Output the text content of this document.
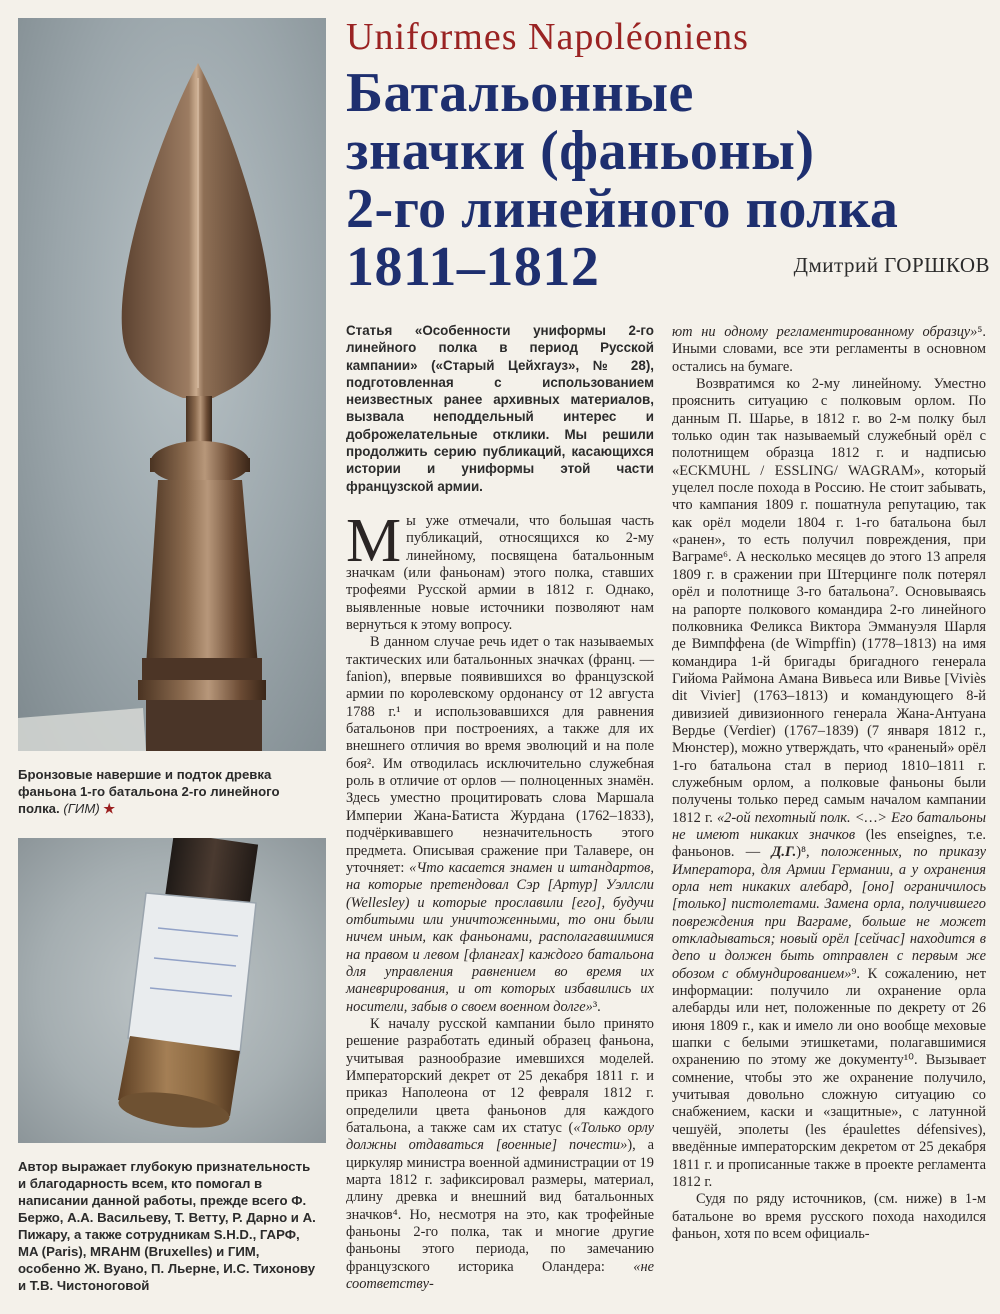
Бронзовые навершие и подток древка фаньона 1-го батальона 2-го линейного полка. (ГИМ) ★
Автор выражает глубокую признательность и благодарность всем, кто помогал в написании данной работы, прежде всего Ф. Бержо, А.А. Васильеву, Т. Ветту, Р. Дарно и А. Пижару, а также сотрудникам S.H.D., ГАРФ, MA (Paris), MRAHM (Bruxelles) и ГИМ, особенно Ж. Вуано, П. Льерне, И.С. Тихонову и Т.В. Чистоноговой
Uniformes Napoléoniens
Батальонные
значки (фаньоны)
2-го линейного полка
1811–1812	Дмитрий ГОРШКОВ

Статья «Особенности униформы 2-го линейного полка в период Русской кампании» («Старый Цейхгауз», № 28), подготовленная с использованием неизвестных ранее архивных материалов, вызвала неподдельный интерес и доброжелательные отклики. Мы решили продолжить серию публикаций, касающихся истории и униформы этой части французской армии.

Мы уже отмечали, что большая часть публикаций, относящихся ко 2-му линейному, посвящена батальонным значкам (или фаньонам) этого полка, ставших трофеями Русской армии в 1812 г. Однако, выявленные новые источники позволяют нам вернуться к этому вопросу.

В данном случае речь идет о так называемых тактических или батальонных значках (франц. — fanion), впервые появившихся во французской армии по королевскому ордонансу от 12 августа 1788 г.¹ и использовавшихся для равнения батальонов при построениях, а также для их внешнего отличия во время эволюций и на поле боя². Им отводилась исключительно служебная роль в отличие от орлов — полноценных знамён. Здесь уместно процитировать слова Маршала Империи Жана-Батиста Журдана (1762–1833), подчёркивавшего незначительность этого предмета. Описывая сражение при Талавере, он уточняет: «Что касается знамен и штандартов, на которые претендовал Сэр [Артур] Уэллсли (Wellesley) и которые прославили [его], будучи отбитыми или уничтоженными, то они были ничем иным, как фаньонами, располагавшимися на правом и левом [флангах] каждого батальона для управления равнением во время их маневрирования, и от которых избавились их носители, забыв о своем военном долге»³.

К началу русской кампании было принято решение разработать единый образец фаньона, учитывая разнообразие имевшихся моделей. Императорский декрет от 25 декабря 1811 г. и приказ Наполеона от 12 февраля 1812 г. определили цвета фаньонов для каждого батальона, а также сам их статус («Только орлу должны отдаваться [военные] почести»), а циркуляр министра военной администрации от 19 марта 1812 г. зафиксировал размеры, материал, длину древка и внешний вид батальонных значков⁴. Но, несмотря на это, как трофейные фаньоны 2-го полка, так и многие другие фаньоны этого периода, по замечанию французского историка Оландера: «не соответству-

ют ни одному регламентированному образцу»⁵. Иными словами, все эти регламенты в основном остались на бумаге.

Возвратимся ко 2-му линейному. Уместно прояснить ситуацию с полковым орлом. По данным П. Шарье, в 1812 г. во 2-м полку был только один так называемый служебный орёл с полотнищем образца 1812 г. и надписью «ECKMUHL / ESSLING/ WAGRAM», который уцелел после похода в Россию. Не стоит забывать, что кампания 1809 г. пошатнула репутацию, так как орёл модели 1804 г. 1-го батальона был «ранен», то есть получил повреждения, при Ваграме⁶. А несколько месяцев до этого 13 апреля 1809 г. в сражении при Штерцинге полк потерял орёл и полотнище 3-го батальона⁷. Основываясь на рапорте полкового командира 2-го линейного полковника Феликса Виктора Эммануэля Шарля де Вимпффена (de Wimpffin) (1778–1813) на имя командира 1-й бригады бригадного генерала Гийома Раймона Амана Вивьеса или Вивье [Viviès dit Vivier] (1763–1813) и командующего 8-й дивизией дивизионного генерала Жана-Антуана Вердье (Verdier) (1767–1839) (7 января 1812 г., Мюнстер), можно утверждать, что «раненый» орёл 1-го батальона стал в период 1810–1811 г. служебным орлом, а полковые фаньоны были получены только перед самым началом кампании 1812 г. «2-ой пехотный полк. <…> Его батальоны не имеют никаких значков (les enseignes, т.е. фаньонов. — Д.Г.)⁸, положенных, по приказу Императора, для Армии Германии, а у охранения орла нет никаких алебард, [оно] ограничилось [только] пистолетами. Замена орла, получившего повреждения при Ваграме, больше не может откладываться; новый орёл [сейчас] находится в депо и должен быть отправлен с первым же обозом с обмундированием»⁹. К сожалению, нет информации: получило ли охранение орла алебарды или нет, положенные по декрету от 26 июня 1809 г., как и имело ли оно вообще меховые шапки с белыми этишкетами, полагавшимися охранению по этому же документу¹⁰. Вызывает сомнение, чтобы это же охранение получило, учитывая довольно сложную ситуацию со снабжением, каски и «защитные», с латунной чешуёй, эполеты (les épaulettes défensives), введённые императорским декретом от 25 декабря 1811 г. и прописанные также в проекте регламента 1812 г.

Судя по ряду источников, (см. ниже) в 1-м батальоне во время русского похода находился фаньон, хотя по всем официаль-
